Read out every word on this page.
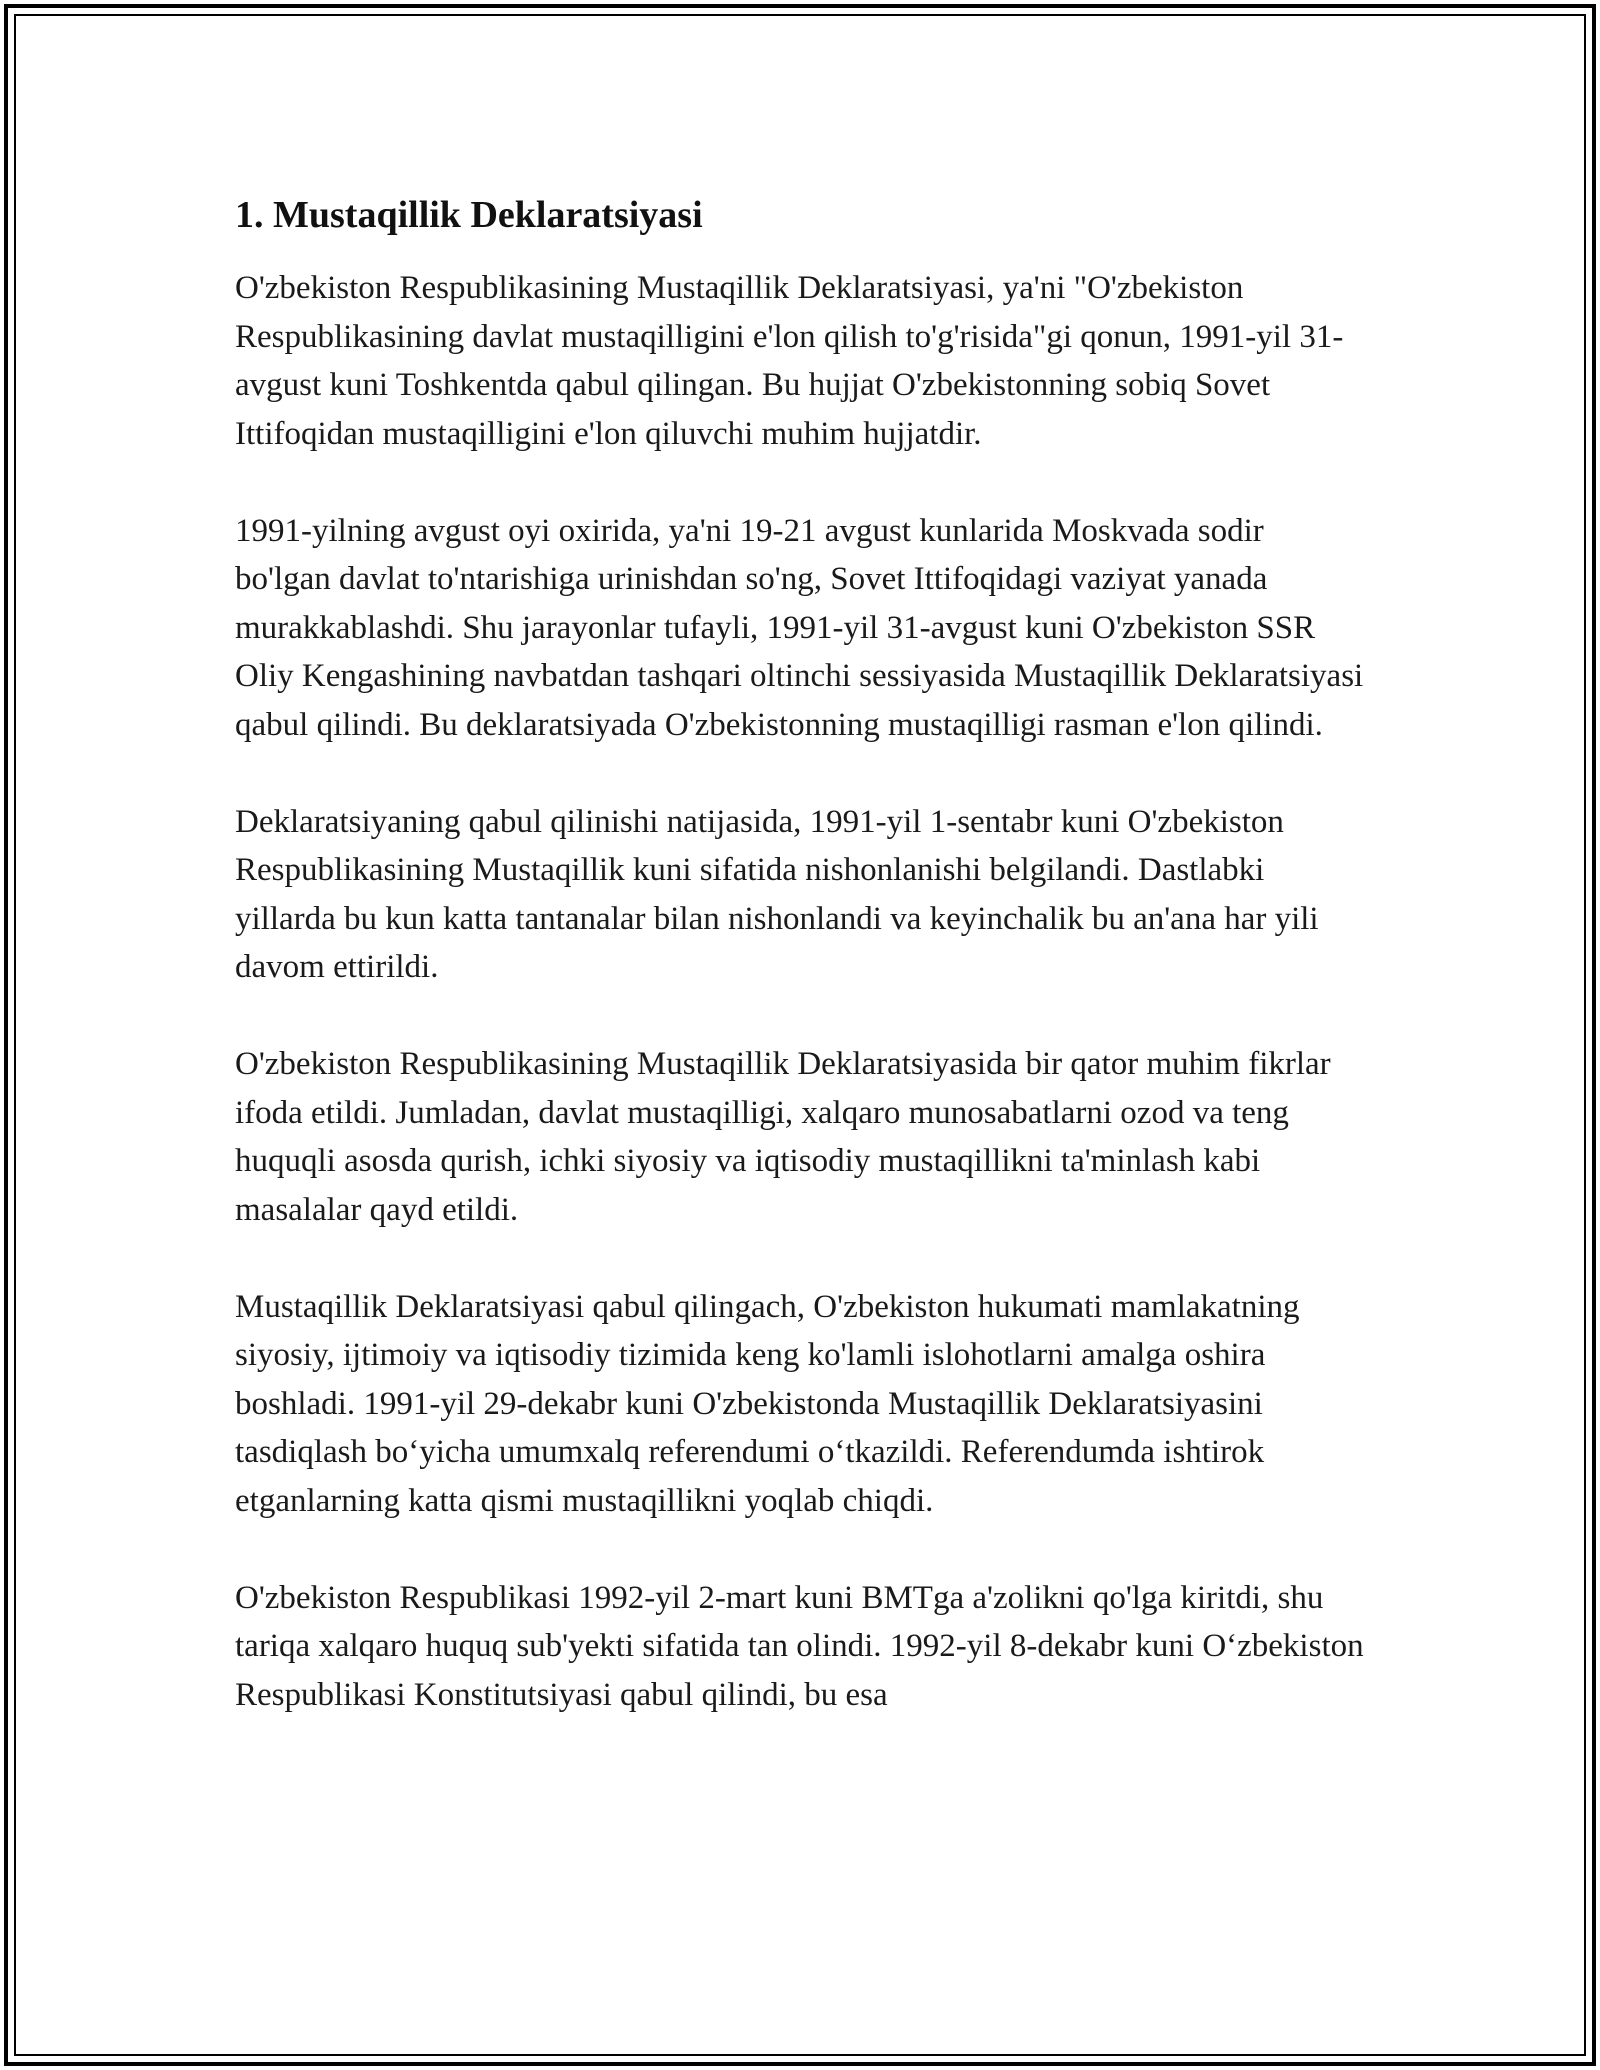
1. Mustaqillik Deklaratsiyasi

O'zbekiston Respublikasining Mustaqillik Deklaratsiyasi, ya'ni "O'zbekiston Respublikasining davlat mustaqilligini e'lon qilish to'g'risida"gi qonun, 1991-yil 31-avgust kuni Toshkentda qabul qilingan. Bu hujjat O'zbekistonning sobiq Sovet Ittifoqidan mustaqilligini e'lon qiluvchi muhim hujjatdir.

1991-yilning avgust oyi oxirida, ya'ni 19-21 avgust kunlarida Moskvada sodir bo'lgan davlat to'ntarishiga urinishdan so'ng, Sovet Ittifoqidagi vaziyat yanada murakkablashdi. Shu jarayonlar tufayli, 1991-yil 31-avgust kuni O'zbekiston SSR Oliy Kengashining navbatdan tashqari oltinchi sessiyasida Mustaqillik Deklaratsiyasi qabul qilindi. Bu deklaratsiyada O'zbekistonning mustaqilligi rasman e'lon qilindi.

Deklaratsiyaning qabul qilinishi natijasida, 1991-yil 1-sentabr kuni O'zbekiston Respublikasining Mustaqillik kuni sifatida nishonlanishi belgilandi. Dastlabki yillarda bu kun katta tantanalar bilan nishonlandi va keyinchalik bu an'ana har yili davom ettirildi.

O'zbekiston Respublikasining Mustaqillik Deklaratsiyasida bir qator muhim fikrlar ifoda etildi. Jumladan, davlat mustaqilligi, xalqaro munosabatlarni ozod va teng huquqli asosda qurish, ichki siyosiy va iqtisodiy mustaqillikni ta'minlash kabi masalalar qayd etildi.

Mustaqillik Deklaratsiyasi qabul qilingach, O'zbekiston hukumati mamlakatning siyosiy, ijtimoiy va iqtisodiy tizimida keng ko'lamli islohotlarni amalga oshira boshladi. 1991-yil 29-dekabr kuni O'zbekistonda Mustaqillik Deklaratsiyasini tasdiqlash bo‘yicha umumxalq referendumi o‘tkazildi. Referendumda ishtirok etganlarning katta qismi mustaqillikni yoqlab chiqdi.

O'zbekiston Respublikasi 1992-yil 2-mart kuni BMTga a'zolikni qo'lga kiritdi, shu tariqa xalqaro huquq sub'yekti sifatida tan olindi. 1992-yil 8-dekabr kuni O‘zbekiston Respublikasi Konstitutsiyasi qabul qilindi, bu esa
